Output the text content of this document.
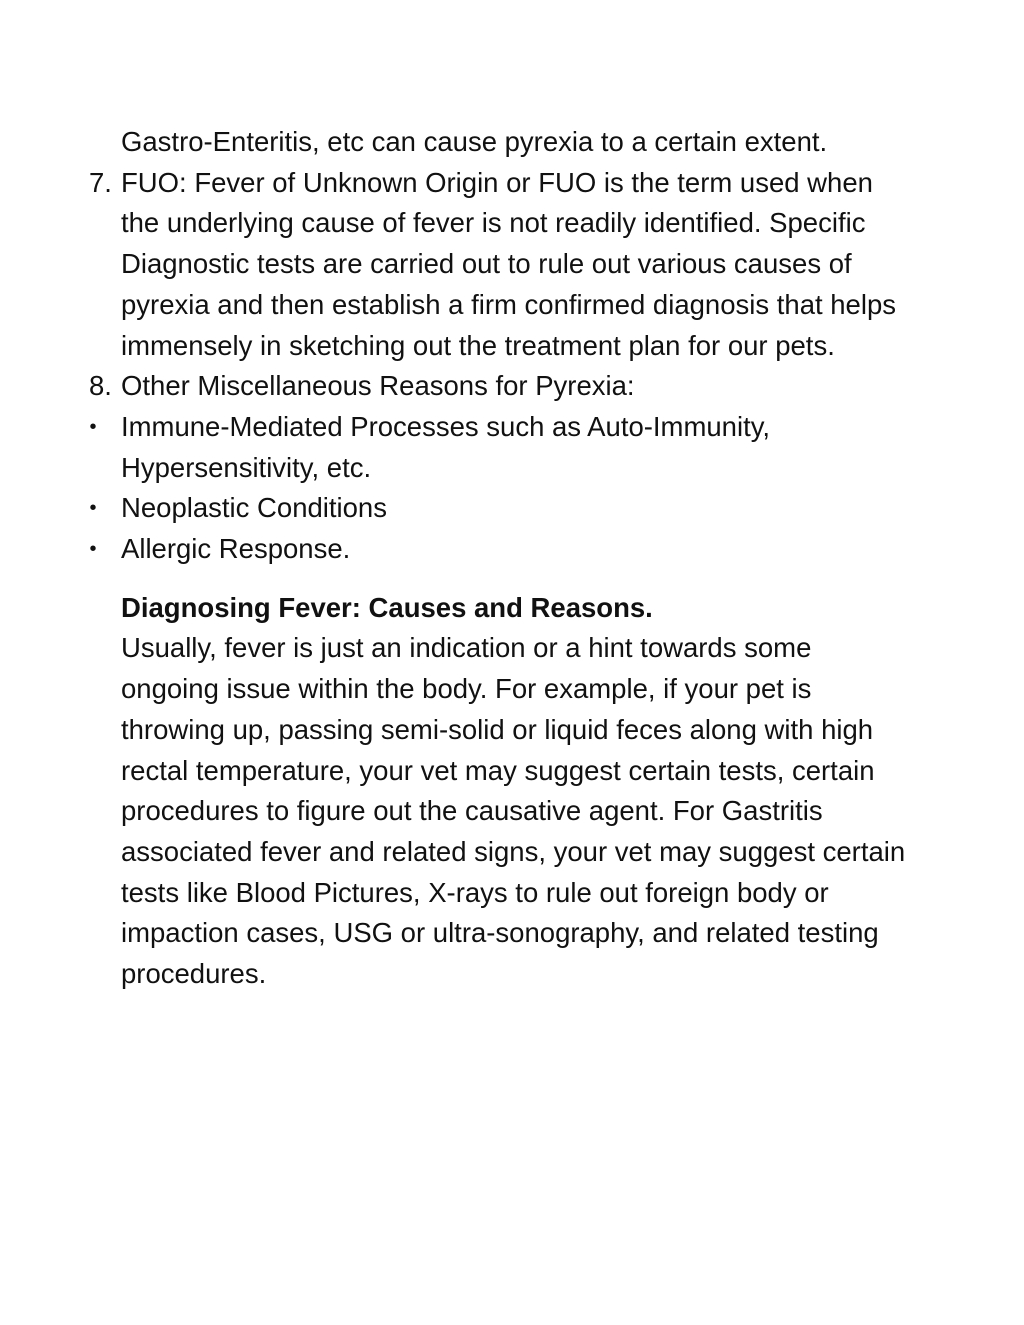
Gastro-Enteritis, etc can cause pyrexia to a certain extent.

7. FUO: Fever of Unknown Origin or FUO is the term used when the underlying cause of fever is not readily identified. Specific Diagnostic tests are carried out to rule out various causes of pyrexia and then establish a firm confirmed diagnosis that helps immensely in sketching out the treatment plan for our pets.
8. Other Miscellaneous Reasons for Pyrexia:
• Immune-Mediated Processes such as Auto-Immunity, Hypersensitivity, etc.
• Neoplastic Conditions
• Allergic Response.

Diagnosing Fever: Causes and Reasons.

Usually, fever is just an indication or a hint towards some ongoing issue within the body. For example, if your pet is throwing up, passing semi-solid or liquid feces along with high rectal temperature, your vet may suggest certain tests, certain procedures to figure out the causative agent. For Gastritis associated fever and related signs, your vet may suggest certain tests like Blood Pictures, X-rays to rule out foreign body or impaction cases, USG or ultra-sonography, and related testing procedures.
